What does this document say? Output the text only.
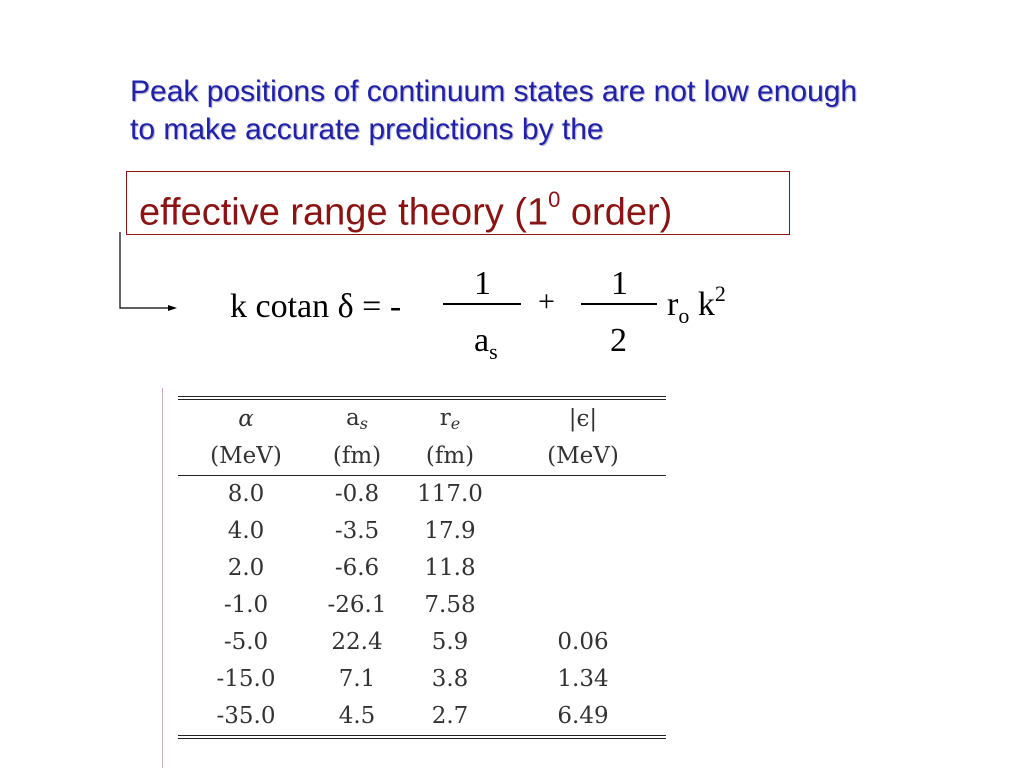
Peak positions of continuum states are not low enough
to make accurate predictions by the
effective range theory ($1^0$ order)
k cotan δ = -
1
$a_s$
+ 1
2
$r_o$ $k^2$
α	as	re	|ϵ|
(MeV)	(fm)	(fm)	(MeV)
8.0	-0.8	117.0	
4.0	-3.5	17.9	
2.0	-6.6	11.8	
-1.0	-26.1	7.58	
-5.0	22.4	5.9	0.06
-15.0	7.1	3.8	1.34
-35.0	4.5	2.7	6.49
